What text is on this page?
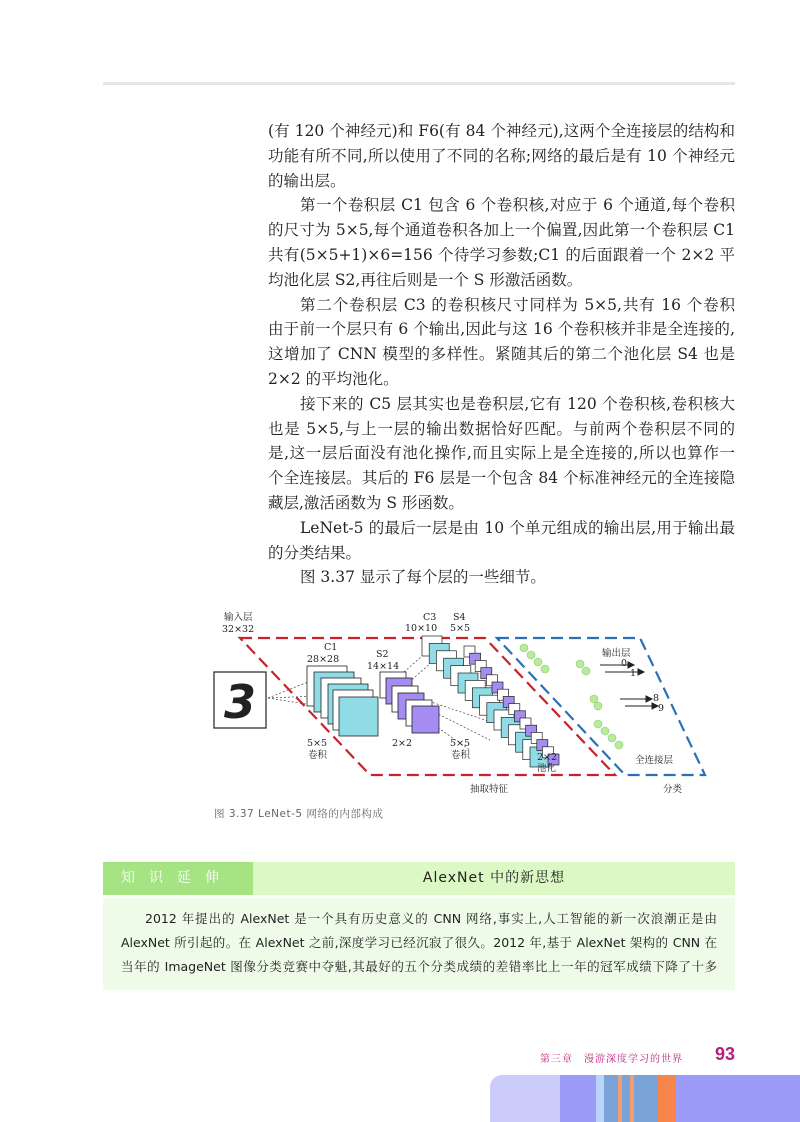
(有 120 个神经元)和 F6(有 84 个神经元),这两个全连接层的结构和
功能有所不同,所以使用了不同的名称;网络的最后是有 10 个神经元
的输出层。
第一个卷积层 C1 包含 6 个卷积核,对应于 6 个通道,每个卷积
的尺寸为 5×5,每个通道卷积各加上一个偏置,因此第一个卷积层 C1
共有(5×5+1)×6=156 个待学习参数;C1 的后面跟着一个 2×2 平
均池化层 S2,再往后则是一个 S 形激活函数。
第二个卷积层 C3 的卷积核尺寸同样为 5×5,共有 16 个卷积
由于前一个层只有 6 个输出,因此与这 16 个卷积核并非是全连接的,
这增加了 CNN 模型的多样性。紧随其后的第二个池化层 S4 也是
2×2 的平均池化。
接下来的 C5 层其实也是卷积层,它有 120 个卷积核,卷积核大
也是 5×5,与上一层的输出数据恰好匹配。与前两个卷积层不同的
是,这一层后面没有池化操作,而且实际上是全连接的,所以也算作一
个全连接层。其后的 F6 层是一个包含 84 个标准神经元的全连接隐
藏层,激活函数为 S 形函数。
LeNet-5 的最后一层是由 10 个单元组成的输出层,用于输出最
的分类结果。
图 3.37 显示了每个层的一些细节。
3
输入层
32×32
C1
28×28	S2
14×14
C3
10×10
S4
5×5
5×5
卷积
2×2	5×5
卷积	2×2
池化
输出层
0
1
8
9
全连接层
抽取特征	分类
图 3.37 LeNet-5 网络的内部构成
知识延伸	AlexNet 中的新思想
2012 年提出的 AlexNet 是一个具有历史意义的 CNN 网络,事实上,人工智能的新一次浪潮正是由
AlexNet 所引起的。在 AlexNet 之前,深度学习已经沉寂了很久。2012 年,基于 AlexNet 架构的 CNN 在
当年的 ImageNet 图像分类竞赛中夺魁,其最好的五个分类成绩的差错率比上一年的冠军成绩下降了十多
第三章　漫游深度学习的世界 93
